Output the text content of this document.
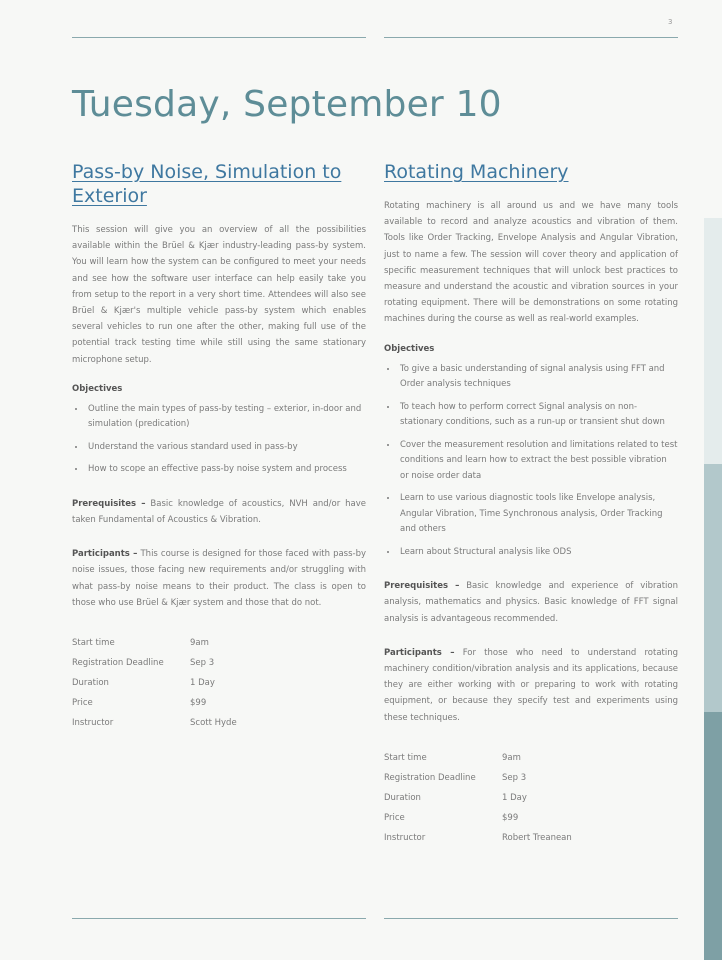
3
Tuesday, September 10
Pass-by Noise, Simulation to Exterior

This session will give you an overview of all the possibilities available within the Brüel & Kjær industry-leading pass-by system. You will learn how the system can be configured to meet your needs and see how the software user interface can help easily take you from setup to the report in a very short time. Attendees will also see Brüel & Kjær's multiple vehicle pass-by system which enables several vehicles to run one after the other, making full use of the potential track testing time while still using the same stationary microphone setup.

Objectives
• Outline the main types of pass-by testing – exterior, in-door and simulation (predication)
• Understand the various standard used in pass-by
• How to scope an effective pass-by noise system and process

Prerequisites – Basic knowledge of acoustics, NVH and/or have taken Fundamental of Acoustics & Vibration.

Participants – This course is designed for those faced with pass-by noise issues, those facing new requirements and/or struggling with what pass-by noise means to their product. The class is open to those who use Brüel & Kjær system and those that do not.

Start time	9am
Registration Deadline	Sep 3
Duration	1 Day
Price	$99
Instructor	Scott Hyde
Rotating Machinery

Rotating machinery is all around us and we have many tools available to record and analyze acoustics and vibration of them. Tools like Order Tracking, Envelope Analysis and Angular Vibration, just to name a few. The session will cover theory and application of specific measurement techniques that will unlock best practices to measure and understand the acoustic and vibration sources in your rotating equipment. There will be demonstrations on some rotating machines during the course as well as real-world examples.

Objectives
• To give a basic understanding of signal analysis using FFT and Order analysis techniques
• To teach how to perform correct Signal analysis on non-stationary conditions, such as a run-up or transient shut down
• Cover the measurement resolution and limitations related to test conditions and learn how to extract the best possible vibration or noise order data
• Learn to use various diagnostic tools like Envelope analysis, Angular Vibration, Time Synchronous analysis, Order Tracking and others
• Learn about Structural analysis like ODS

Prerequisites – Basic knowledge and experience of vibration analysis, mathematics and physics. Basic knowledge of FFT signal analysis is advantageous recommended.

Participants – For those who need to understand rotating machinery condition/vibration analysis and its applications, because they are either working with or preparing to work with rotating equipment, or because they specify test and experiments using these techniques.

Start time	9am
Registration Deadline	Sep 3
Duration	1 Day
Price	$99
Instructor	Robert Treanean
